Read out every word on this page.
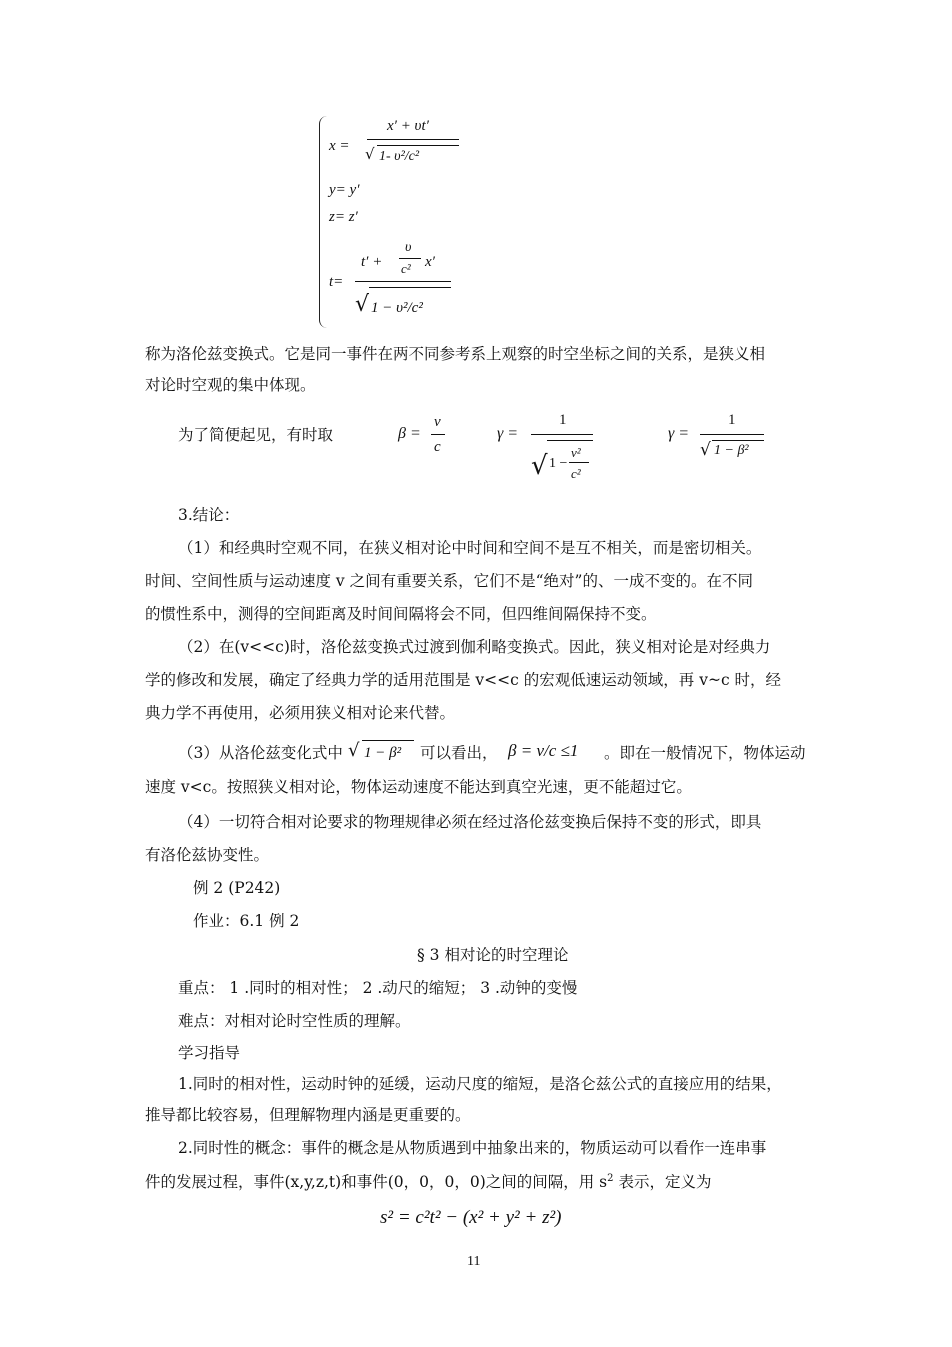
x =
x′ + υt′
√ 1- υ²/c²
y= y′
z= z′
t=
t′ +
υ
c² x′
√ 1 − υ²/c²
称为洛伦兹变换式。它是同一事件在两不同参考系上观察的时空坐标之间的关系，是狭义相
对论时空观的集中体现。
为了简便起见，有时取	β =
v
c
γ =
1
√ 1 −
v²
c²
γ =
1
√ 1 − β²
3.结论：
（1）和经典时空观不同，在狭义相对论中时间和空间不是互不相关，而是密切相关。
时间、空间性质与运动速度 v 之间有重要关系，它们不是“绝对”的、一成不变的。在不同
的惯性系中，测得的空间距离及时间间隔将会不同，但四维间隔保持不变。
（2）在(v<<c)时，洛伦兹变换式过渡到伽利略变换式。因此，狭义相对论是对经典力
学的修改和发展，确定了经典力学的适用范围是 v<<c 的宏观低速运动领域，再 v~c 时，经
典力学不再使用，必须用狭义相对论来代替。
（3）从洛伦兹变化式中 √ 1 − β² 可以看出， β = v/c ≤1 。即在一般情况下，物体运动
速度 v<c。按照狭义相对论，物体运动速度不能达到真空光速，更不能超过它。
（4）一切符合相对论要求的物理规律必须在经过洛伦兹变换后保持不变的形式，即具
有洛伦兹协变性。
例 2 (P242)
作业：6.1 例 2
§ 3 相对论的时空理论
重点： 1 .同时的相对性； 2 .动尺的缩短； 3 .动钟的变慢
难点：对相对论时空性质的理解。
学习指导
1.同时的相对性，运动时钟的延缓，运动尺度的缩短，是洛仑兹公式的直接应用的结果，
推导都比较容易，但理解物理内涵是更重要的。
2.同时性的概念：事件的概念是从物质遇到中抽象出来的，物质运动可以看作一连串事
件的发展过程，事件(x,y,z,t)和事件(0，0，0，0)之间的间隔，用 $s^2$ 表示，定义为
s² = c²t² − (x² + y² + z²)
11
